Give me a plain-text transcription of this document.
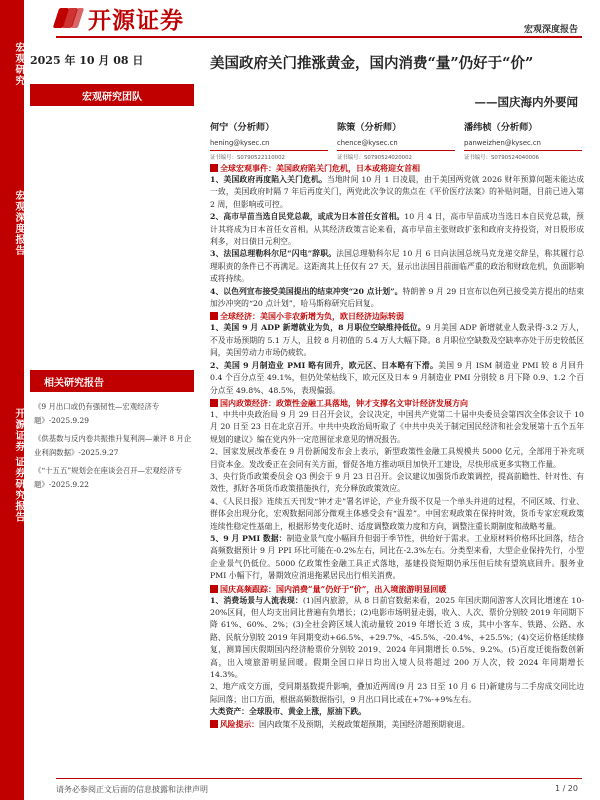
宏观研究
宏观深度报告
开源证券 证券研究报告
开源证券	宏观深度报告
2025 年 10 月 08 日
宏观研究团队
相关研究报告
《9 月出口或仍有强韧性—宏观经济专题》-2025.9.29
《供基数与反内卷共振推升复利润—兼评 8 月企业利润数据》-2025.9.27
《“十五五”规划会在座谈会召开—宏观经济专题》-2025.9.22
美国政府关门推涨黄金，国内消费“量”仍好于“价”
——国庆海内外要闻
何宁（分析师）
hening@kysec.cn
证书编号：S0790522110002
陈策（分析师）
chence@kysec.cn
证书编号：S0790524020002
潘纬桢（分析师）
panweizhen@kysec.cn
证书编号：S0790524040006
全球宏观事件：美国政府陷关门危机，日本或将迎女首相

1、美国政府再度陷入关门危机。当地时间 10 月 1 日凌晨，由于美国两党就 2026 财年预算问题未能达成一致，美国政府时隔 7 年后再度关门，两党此次争议的焦点在《平价医疗法案》的补贴问题，目前已进入第 2 周，但影响或可控。

2、高市早苗当选自民党总裁，或成为日本首任女首相。10 月 4 日，高市早苗成功当选日本自民党总裁，预计其将成为日本首任女首相。从其经济政策言论来看，高市早苗主张财政扩张和政府支持投资，对日股形成利多，对日债日元利空。

3、法国总理勒科尔尼“闪电”辞职。法国总理勒科尔尼 10 月 6 日向法国总统马克龙递交辞呈，称其履行总理职责的条件已不再满足。这距离其上任仅有 27 天，显示出法国目前面临严重的政治和财政危机，负面影响或将持续。

4、以色列宣布接受美国提出的结束冲突“20 点计划”。特朗普 9 月 29 日宣布以色列已接受美方提出的结束加沙冲突的“20 点计划”，哈马斯称研究后回复。

全球经济：美国小非农新增为负，欧日经济边际转弱

1、美国 9 月 ADP 新增就业为负，8 月职位空缺维持低位。9 月美国 ADP 新增就业人数录得-3.2 万人，不及市场预期的 5.1 万人，且较 8 月初值的 5.4 万人大幅下降。8 月职位空缺数及空缺率亦处于历史较低区间，美国劳动力市场仍疲软。

2、美国 9 月制造业 PMI 略有回升，欧元区、日本略有下滑。美国 9 月 ISM 制造业 PMI 较 8 月回升 0.4 个百分点至 49.1%，但仍处荣枯线下，欧元区及日本 9 月制造业 PMI 分别较 8 月下降 0.9、1.2 个百分点至 49.8%、48.5%，表现偏弱。

国内政策经济：政策性金融工具落地，钟才支撑名文审计经济发展方向

1、中共中央政治局 9 月 29 日召开会议，会议决定，中国共产党第二十届中央委员会第四次全体会议于 10 月 20 日至 23 日在北京召开。中共中央政治局听取了《中共中央关于制定国民经济和社会发展第十五个五年规划的建议》编在党内外一定范围征求意见的情况报告。

2、国家发展改革委在 9 月份新闻发布会上表示，新型政策性金融工具规模共 5000 亿元，全部用于补充项目资本金。发改委正在会同有关方面，督促各地方推动项目加快开工建设，尽快形成更多实物工作量。

3、央行货币政策委员会 Q3 例会于 9 月 23 日召开。会议建议加强货币政策调控，提高前瞻性、针对性、有效性，抓好各项货币政策措施执行，充分释放政策效应。

4、《人民日报》连续五天刊发“钟才走”署名评论，产业升级不仅是一个单头并进的过程，不同区域、行业、群体会出现分化，宏观数据同部分微观主体感受会有“温差”。中国宏观政策在保持时效，货币专家宏观政策连续性稳定性基础上，根据形势变化适时、适度调整政策力度和方向，调整注重长期制度和战略考量。

5、9 月 PMI 数据：制造业景气度小幅回升但弱于季节性，供给好于需求。工业原材料价格环比回落，结合高频数据预计 9 月 PPI 环比可能在-0.2%左右，同比在-2.3%左右。分类型来看，大型企业保持先行，小型企业景气仍低位。5000 亿政策性金融工具正式落地，基建投资短期仍承压但后续有望筑底回升。服务业 PMI 小幅下行，暑期效应消退拖累居民出行相关消费。

国庆高频跟踪：国内消费“量”仍好于“价”，出入境旅游明显回暖

1、消费场景与人流表现：(1)国内旅游，从 8 日前官数据来看，2025 年国庆期间游客人次同比增速在 10-20%区间，但人均支出同比普遍有负增长；(2)电影市场明显走弱，收入、人次、票价分别较 2019 年同期下降 61%、60%、2%；(3)全社会跨区域人流动量较 2019 年增长近 3 成，其中小客车、铁路、公路、水路、民航分别较 2019 年同期变动+66.5%、+29.7%、-45.5%、-20.4%、+25.5%；(4)交运价格延续修复，测算国庆假期国内经济舱票价分别较 2019、2024 年同期增长 0.5%、9.2%。(5)百度迁徙指数创新高，出入境旅游明显回暖。假期全国口岸日均出入境人员将超过 200 万人次，较 2024 年同期增长 14.3%。

2、地产成交方面，受同期基数提升影响，叠加近两周(9 月 23 日至 10 月 6 日)新建房与二手房成交同比边际回落；出口方面，根据高频数据指引，9 月出口同比或在+7%-+9%左右。

大类资产：全球股市、黄金上涨，原油下跌。

风险提示：国内政策不及预期，关税政策超预期，美国经济超预期衰退。

请务必参阅正文后面的信息披露和法律声明	1 / 20
